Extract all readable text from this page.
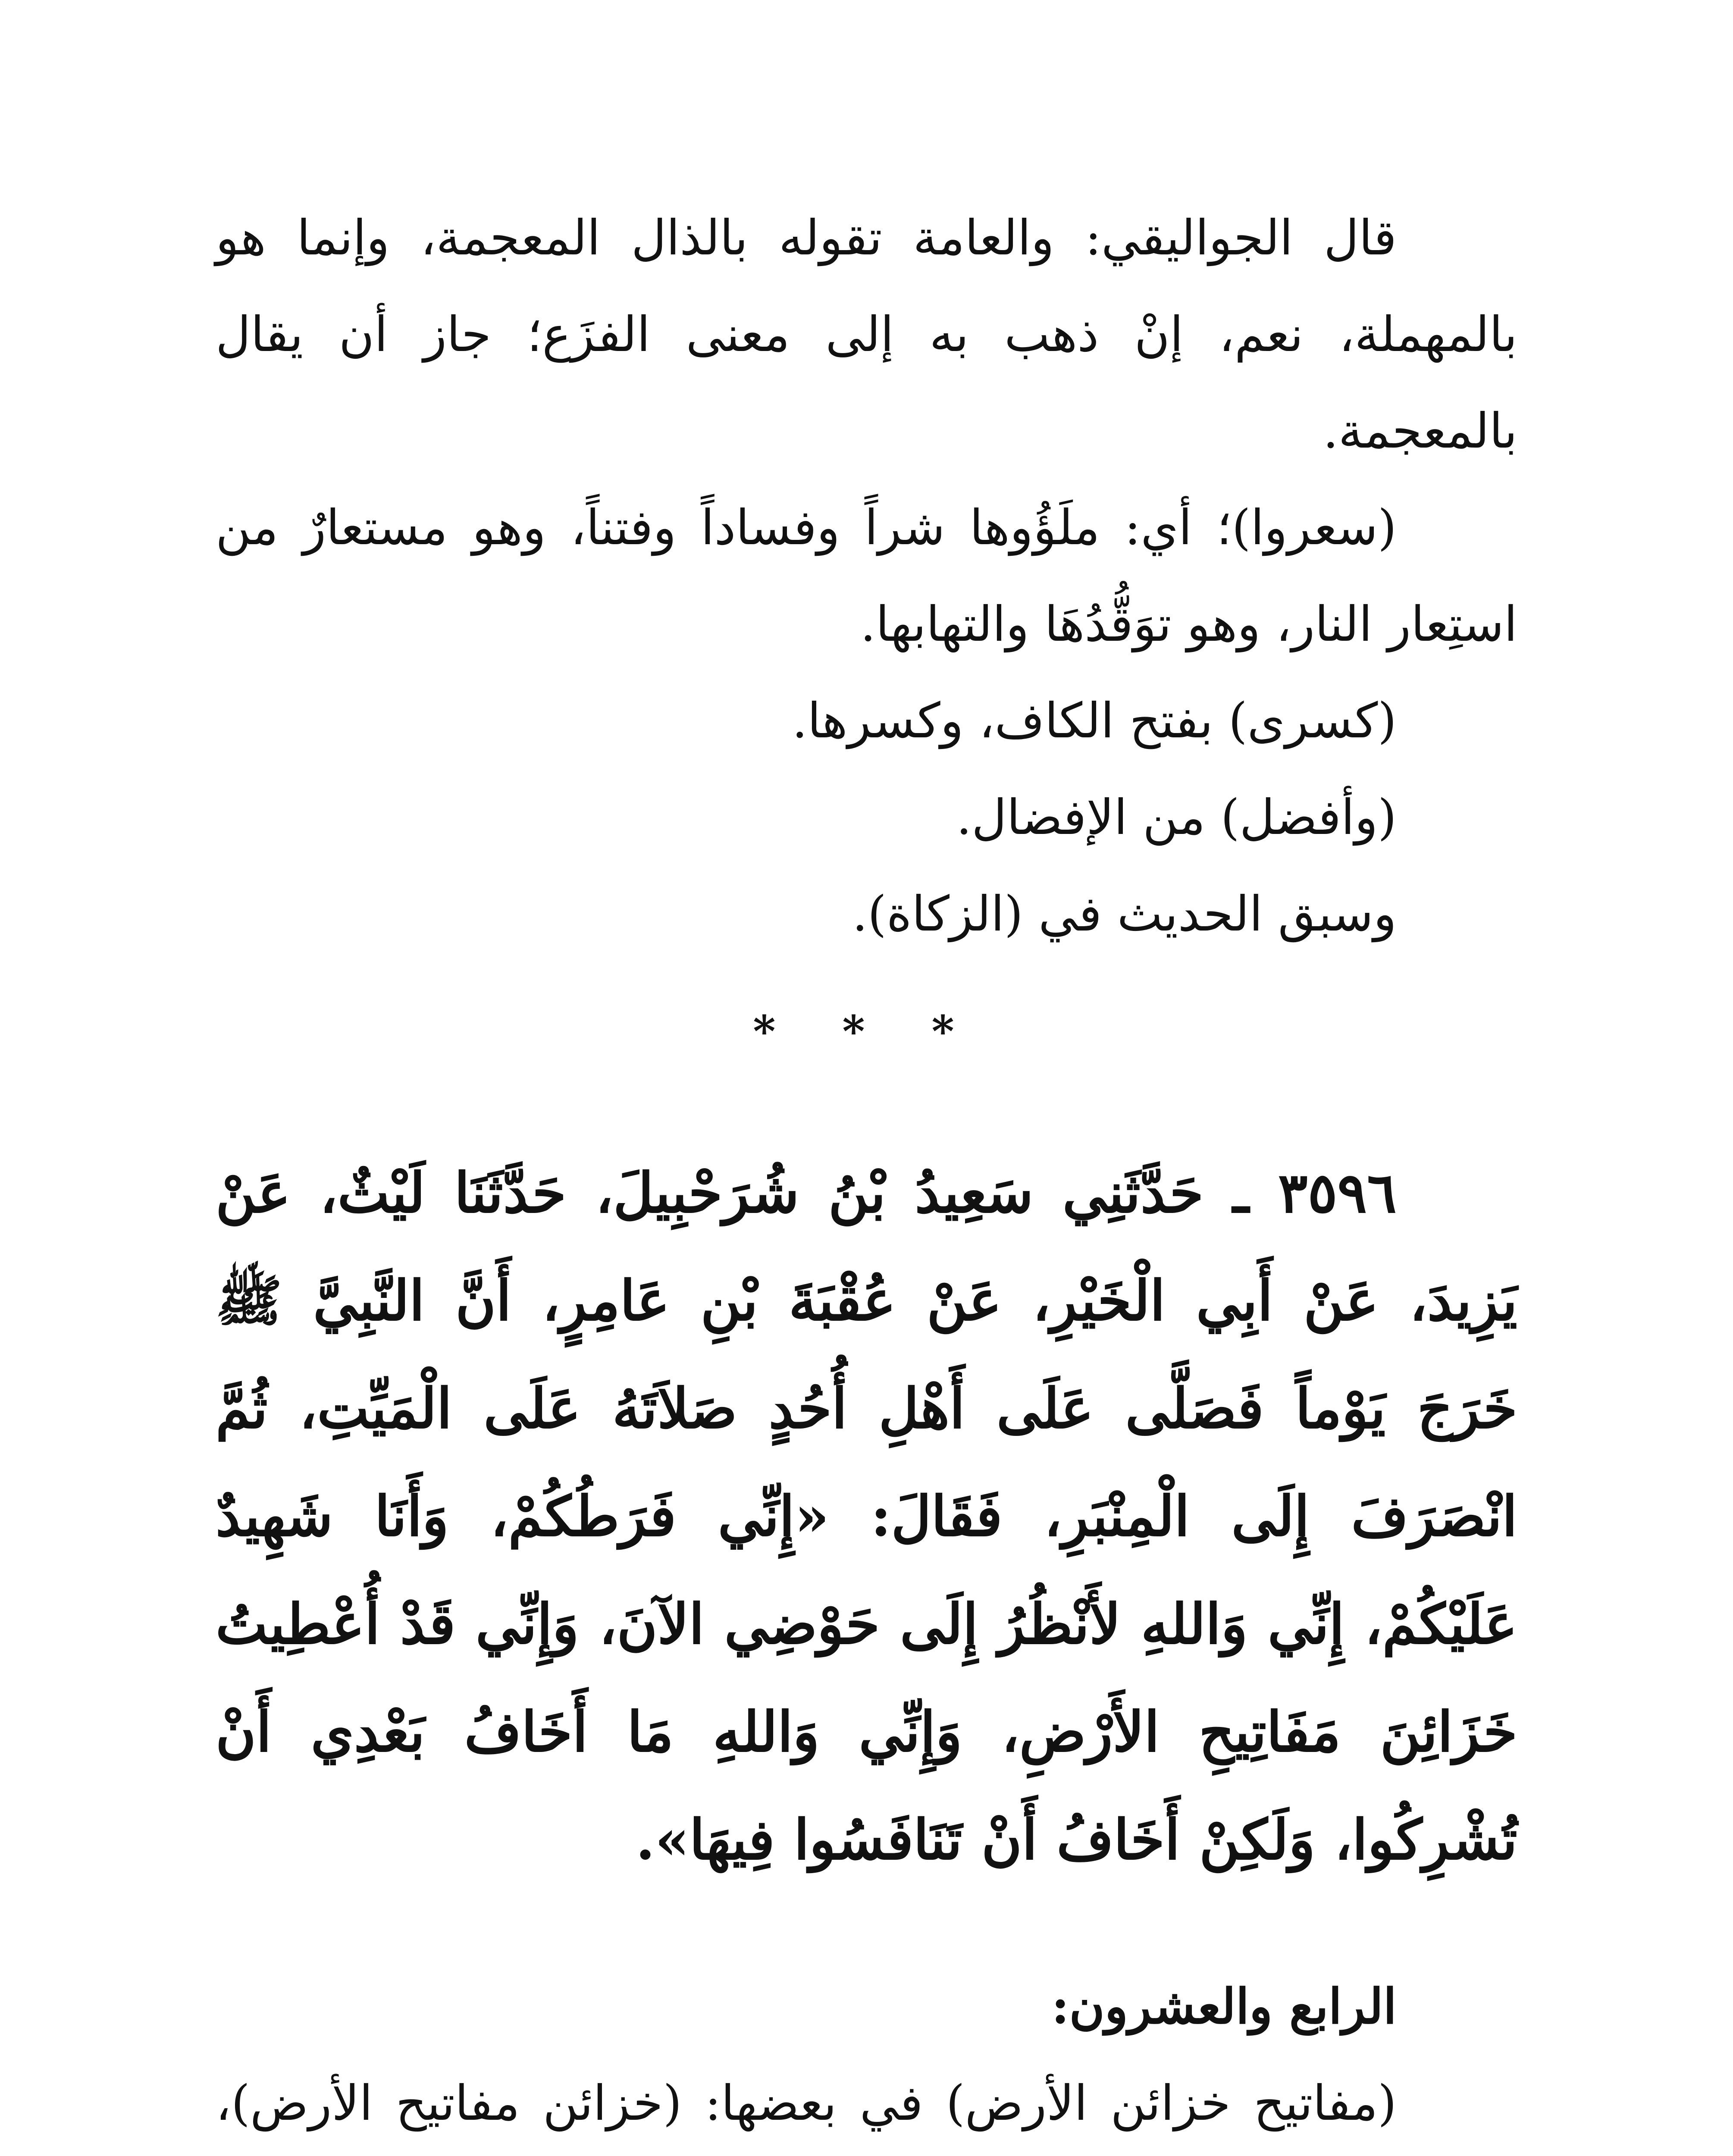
قال الجواليقي: والعامة تقوله بالذال المعجمة، وإنما هو بالمهملة، نعم، إنْ ذهب به إلى معنى الفزَع؛ جاز أن يقال بالمعجمة.

(سعروا)؛ أي: ملَؤُوها شراً وفساداً وفتناً، وهو مستعارٌ من استِعار النار، وهو توَقُّدُهَا والتهابها.

(كسرى) بفتح الكاف، وكسرها.

(وأفضل) من الإفضال.

وسبق الحديث في (الزكاة).

* * *

٣٥٩٦ ـ حَدَّثَنِي سَعِيدُ بْنُ شُرَحْبِيلَ، حَدَّثَنَا لَيْثٌ، عَنْ يَزِيدَ، عَنْ أَبِي الْخَيْرِ، عَنْ عُقْبَةَ بْنِ عَامِرٍ، أَنَّ النَّبِيَّ ﷺ خَرَجَ يَوْماً فَصَلَّى عَلَى أَهْلِ أُحُدٍ صَلاَتَهُ عَلَى الْمَيِّتِ، ثُمَّ انْصَرَفَ إِلَى الْمِنْبَرِ، فَقَالَ: «إِنِّي فَرَطُكُمْ، وَأَنَا شَهِيدٌ عَلَيْكُمْ، إِنِّي وَاللهِ لأَنْظُرُ إِلَى حَوْضِي الآنَ، وَإِنِّي قَدْ أُعْطِيتُ خَزَائِنَ مَفَاتِيحِ الأَرْضِ، وَإِنِّي وَاللهِ مَا أَخَافُ بَعْدِي أَنْ تُشْرِكُوا، وَلَكِنْ أَخَافُ أَنْ تَنَافَسُوا فِيهَا».

الرابع والعشرون:

(مفاتيح خزائن الأرض) في بعضها: (خزائن مفاتيح الأرض)،
